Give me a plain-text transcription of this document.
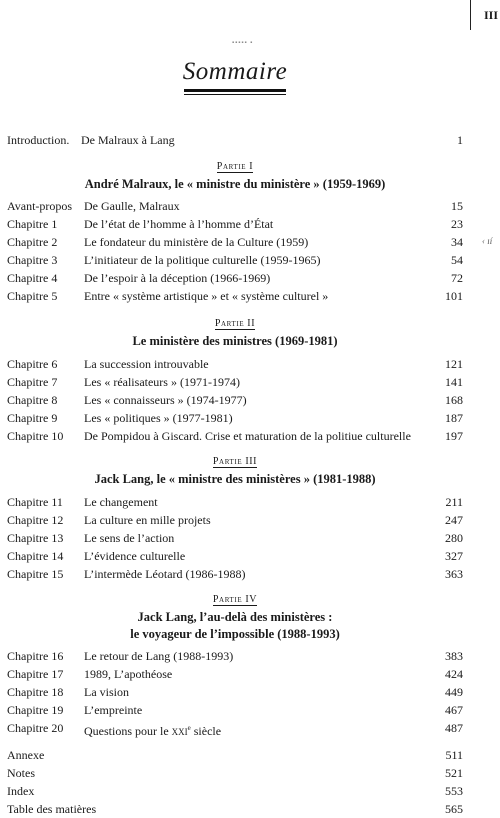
III
▪▪▪▪▪ ▪
‹ ıí
Sommaire
Introduction. De Malraux à Lang	1
Partie I
André Malraux, le « ministre du ministère » (1959-1969)
Avant-propos De Gaulle, Malraux	15
Chapitre 1 De l’état de l’homme à l’homme d’État	23
Chapitre 2 Le fondateur du ministère de la Culture (1959)	34
Chapitre 3 L’initiateur de la politique culturelle (1959-1965)	54
Chapitre 4 De l’espoir à la déception (1966-1969)	72
Chapitre 5 Entre « système artistique » et « système culturel »	101
Partie II
Le ministère des ministres (1969-1981)
Chapitre 6 La succession introuvable	121
Chapitre 7 Les « réalisateurs » (1971-1974)	141
Chapitre 8 Les « connaisseurs » (1974-1977)	168
Chapitre 9 Les « politiques » (1977-1981)	187
Chapitre 10 De Pompidou à Giscard. Crise et maturation de la politiue culturelle	197
Partie III
Jack Lang, le « ministre des ministères » (1981-1988)
Chapitre 11 Le changement	211
Chapitre 12 La culture en mille projets	247
Chapitre 13 Le sens de l’action	280
Chapitre 14 L’évidence culturelle	327
Chapitre 15 L’intermède Léotard (1986-1988)	363
Partie IV
Jack Lang, l’au-delà des ministères :
le voyageur de l’impossible (1988-1993)
Chapitre 16 Le retour de Lang (1988-1993)	383
Chapitre 17 1989, L’apothéose	424
Chapitre 18 La vision	449
Chapitre 19 L’empreinte	467
Chapitre 20 Questions pour le XXIe siècle	487
Annexe	511
Notes	521
Index	553
Table des matières	565
